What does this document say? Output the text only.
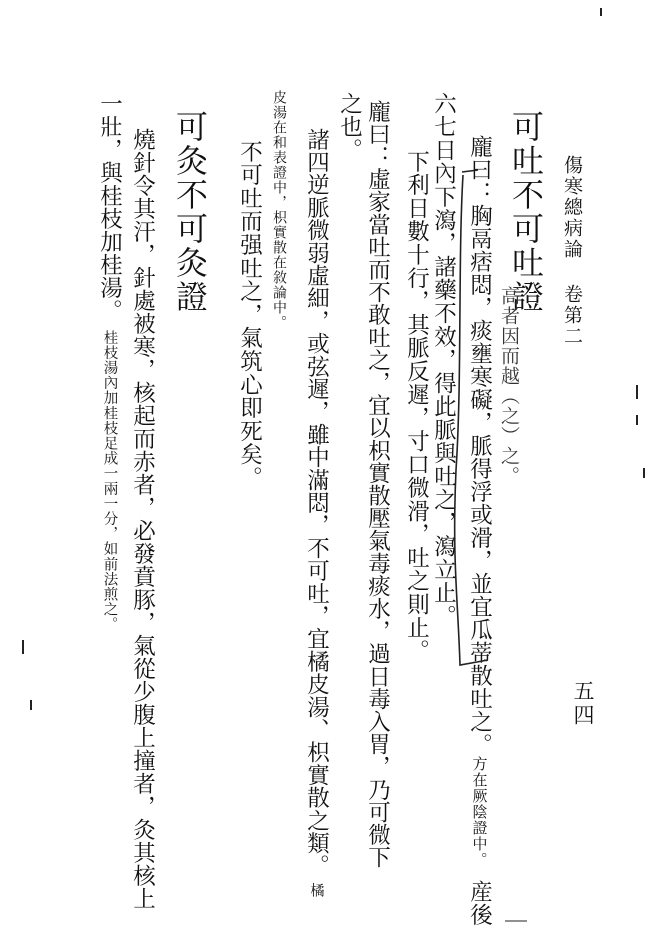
傷寒總病論 卷第二
五四
可吐不可吐證
龐曰：胸鬲痞悶，痰壅寒礙，脈得浮或滑，並宜瓜蒂散吐之。方在厥陰證中。産後
龐曰：虛家當吐而不敢吐之，宜以枳實散壓氣毒痰水，過日毒入胃，乃可微下 下利日數十行，其脈反遲，寸口微滑，吐之則止。 六七日內下瀉，諸藥不效，得此脈與吐之，瀉立止。
之也。
諸四逆脈微弱虛細，或弦遲，雖中滿悶，不可吐，宜橘皮湯、枳實散之類。橘
皮湯在和表證中，枳實散在敘論中。
不可吐而强吐之，氣筑心即死矣。
可灸不可灸證
燒針令其汗，針處被寒，核起而赤者，必發賁豚，氣從少腹上撞者，灸其核上
一壯，與桂枝加桂湯。桂枝湯內加桂枝足成一兩一分，如前法煎之。	高者因而越（之）之。
